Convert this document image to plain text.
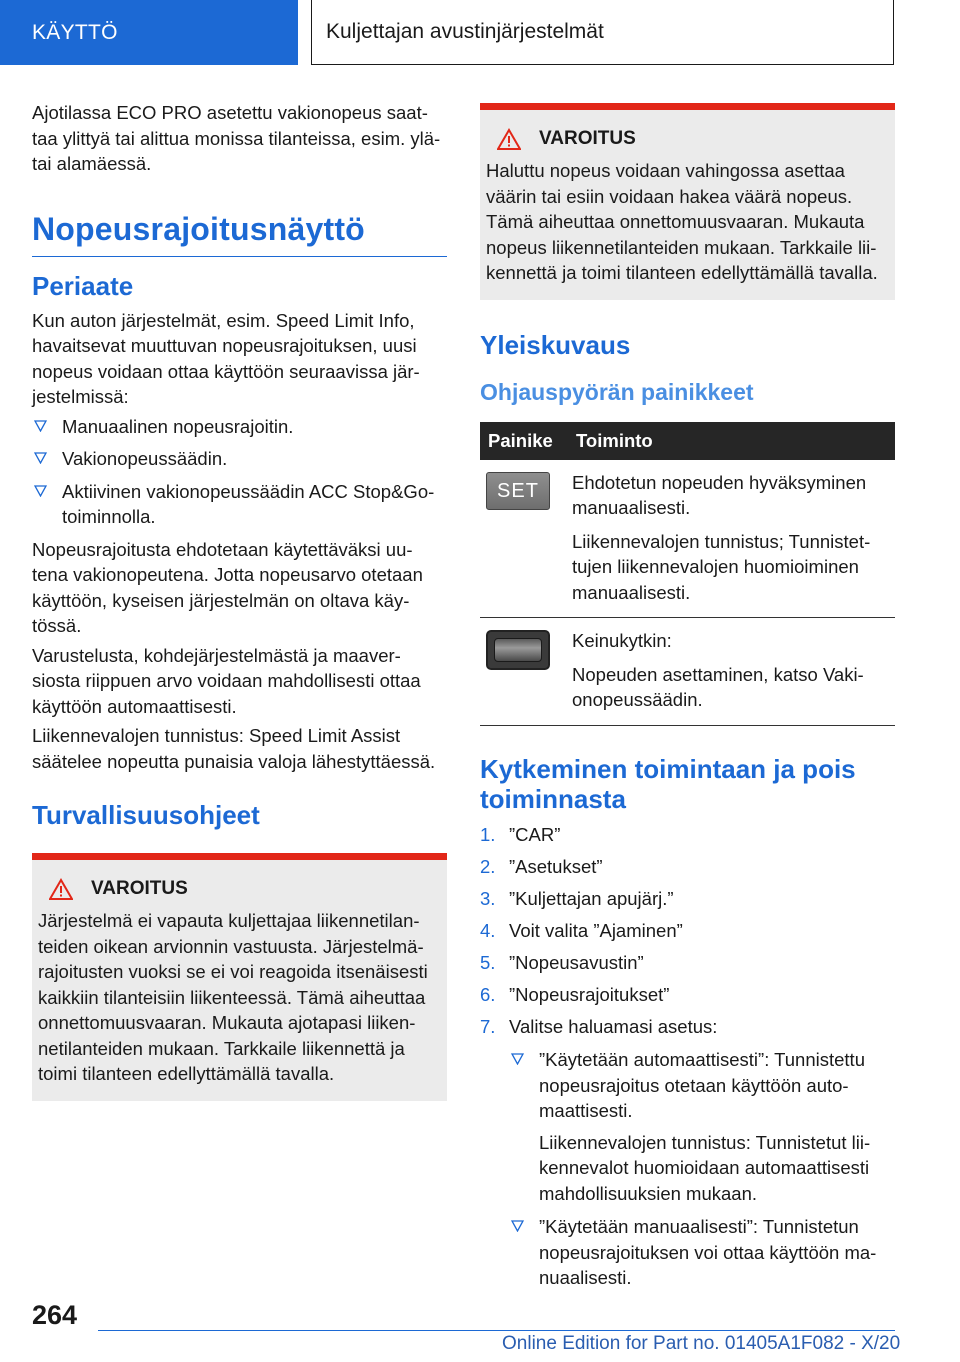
KÄYTTÖ	Kuljettajan avustinjärjestelmät

Ajotilassa ECO PRO asetettu vakionopeus saat-taa ylittyä tai alittua monissa tilanteissa, esim. ylä- tai alamäessä.

Nopeusrajoitusnäyttö
Periaate

Kun auton järjestelmät, esim. Speed Limit Info, havaitsevat muuttuvan nopeusrajoituksen, uusi nopeus voidaan ottaa käyttöön seuraavissa jär-jestelmissä:

Manuaalinen nopeusrajoitin.
Vakionopeussäädin.
Aktiivinen vakionopeussäädin ACC Stop&Go-toiminnolla.

Nopeusrajoitusta ehdotetaan käytettäväksi uu-tena vakionopeutena. Jotta nopeusarvo otetaan käyttöön, kyseisen järjestelmän on oltava käy-tössä.

Varustelusta, kohdejärjestelmästä ja maaver-siosta riippuen arvo voidaan mahdollisesti ottaa käyttöön automaattisesti.

Liikennevalojen tunnistus: Speed Limit Assist säätelee nopeutta punaisia valoja lähestyttäessä.

Turvallisuusohjeet
VAROITUS

Järjestelmä ei vapauta kuljettajaa liikennetilan-teiden oikean arvionnin vastuusta. Järjestelmä-rajoitusten vuoksi se ei voi reagoida itsenäisesti kaikkiin tilanteisiin liikenteessä. Tämä aiheuttaa onnettomuusvaaran. Mukauta ajotapasi liiken-netilanteiden mukaan. Tarkkaile liikennettä ja toimi tilanteen edellyttämällä tavalla.

VAROITUS

Haluttu nopeus voidaan vahingossa asettaa väärin tai esiin voidaan hakea väärä nopeus. Tämä aiheuttaa onnettomuusvaaran. Mukauta nopeus liikennetilanteiden mukaan. Tarkkaile lii-kennettä ja toimi tilanteen edellyttämällä tavalla.

Yleiskuvaus
Ohjauspyörän painikkeet
Painike	Toiminto

SET	Ehdotetun nopeuden hyväksyminen manuaalisesti.

Liikennevalojen tunnistus; Tunnistet-tujen liikennevalojen huomioiminen manuaalisesti.

	Keinukytkin:

Nopeuden asettaminen, katso Vaki-onopeussäädin.

Kytkeminen toimintaan ja pois toiminnasta
1. ”CAR”
2. ”Asetukset”
3. ”Kuljettajan apujärj.”
4. Voit valita ”Ajaminen”
5. ”Nopeusavustin”
6. ”Nopeusrajoitukset”
7. Valitse haluamasi asetus:

”Käytetään automaattisesti”: Tunnistettu nopeusrajoitus otetaan käyttöön auto-maattisesti.

Liikennevalojen tunnistus: Tunnistetut lii-kennevalot huomioidaan automaattisesti mahdollisuuksien mukaan.

”Käytetään manuaalisesti”: Tunnistetun nopeusrajoituksen voi ottaa käyttöön ma-nuaalisesti.

264
Online Edition for Part no. 01405A1F082 - X/20
